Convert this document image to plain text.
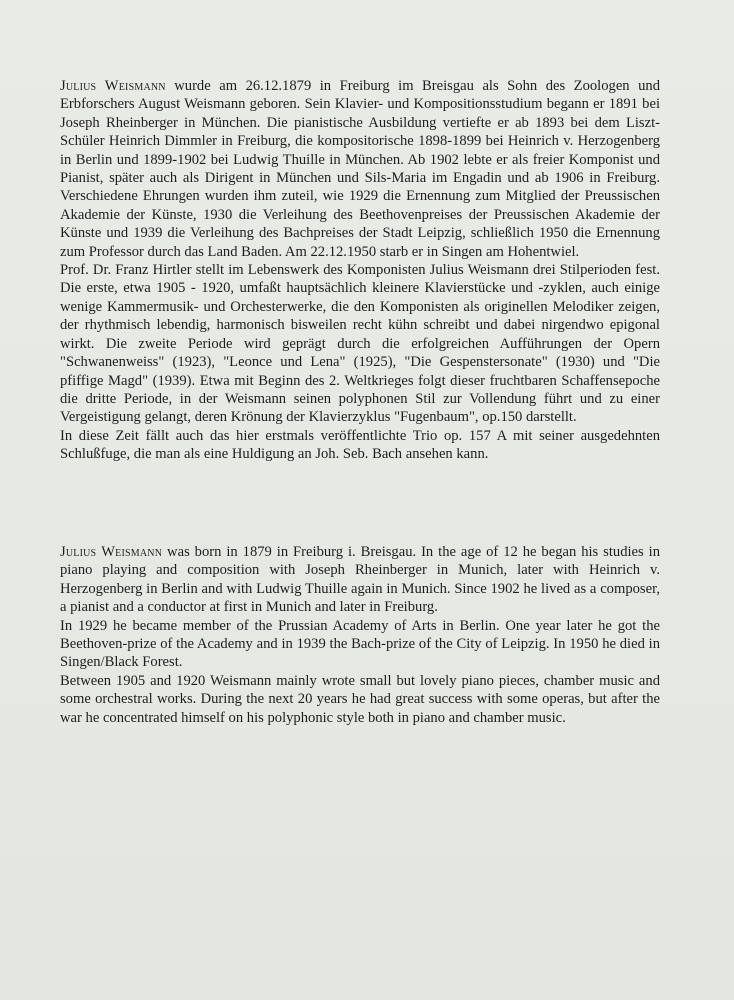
Julius Weismann wurde am 26.12.1879 in Freiburg im Breisgau als Sohn des Zoologen und Erbforschers August Weismann geboren. Sein Klavier- und Kompositionsstudium begann er 1891 bei Joseph Rheinberger in München. Die pianistische Ausbildung vertiefte er ab 1893 bei dem Liszt-Schüler Heinrich Dimmler in Freiburg, die kompositorische 1898-1899 bei Heinrich v. Herzogenberg in Berlin und 1899-1902 bei Ludwig Thuille in München. Ab 1902 lebte er als freier Komponist und Pianist, später auch als Dirigent in München und Sils-Maria im Engadin und ab 1906 in Freiburg. Verschiedene Ehrungen wurden ihm zuteil, wie 1929 die Ernennung zum Mitglied der Preussischen Akademie der Künste, 1930 die Verleihung des Beethovenpreises der Preussischen Akademie der Künste und 1939 die Verleihung des Bachpreises der Stadt Leipzig, schließlich 1950 die Ernennung zum Professor durch das Land Baden. Am 22.12.1950 starb er in Singen am Hohentwiel.

Prof. Dr. Franz Hirtler stellt im Lebenswerk des Komponisten Julius Weismann drei Stilperioden fest. Die erste, etwa 1905 - 1920, umfaßt hauptsächlich kleinere Klavierstücke und -zyklen, auch einige wenige Kammermusik- und Orchesterwerke, die den Komponisten als originellen Melodiker zeigen, der rhythmisch lebendig, harmonisch bisweilen recht kühn schreibt und dabei nirgendwo epigonal wirkt. Die zweite Periode wird geprägt durch die erfolgreichen Aufführungen der Opern "Schwanenweiss" (1923), "Leonce und Lena" (1925), "Die Gespenstersonate" (1930) und "Die pfiffige Magd" (1939). Etwa mit Beginn des 2. Weltkrieges folgt dieser fruchtbaren Schaffensepoche die dritte Periode, in der Weismann seinen polyphonen Stil zur Vollendung führt und zu einer Vergeistigung gelangt, deren Krönung der Klavierzyklus "Fugenbaum", op.150 darstellt.

In diese Zeit fällt auch das hier erstmals veröffentlichte Trio op. 157 A mit seiner ausgedehnten Schlußfuge, die man als eine Huldigung an Joh. Seb. Bach ansehen kann.

Julius Weismann was born in 1879 in Freiburg i. Breisgau. In the age of 12 he began his studies in piano playing and composition with Joseph Rheinberger in Munich, later with Heinrich v. Herzogenberg in Berlin and with Ludwig Thuille again in Munich. Since 1902 he lived as a composer, a pianist and a conductor at first in Munich and later in Freiburg.

In 1929 he became member of the Prussian Academy of Arts in Berlin. One year later he got the Beethoven-prize of the Academy and in 1939 the Bach-prize of the City of Leipzig. In 1950 he died in Singen/Black Forest.

Between 1905 and 1920 Weismann mainly wrote small but lovely piano pieces, chamber music and some orchestral works. During the next 20 years he had great success with some operas, but after the war he concentrated himself on his polyphonic style both in piano and chamber music.
